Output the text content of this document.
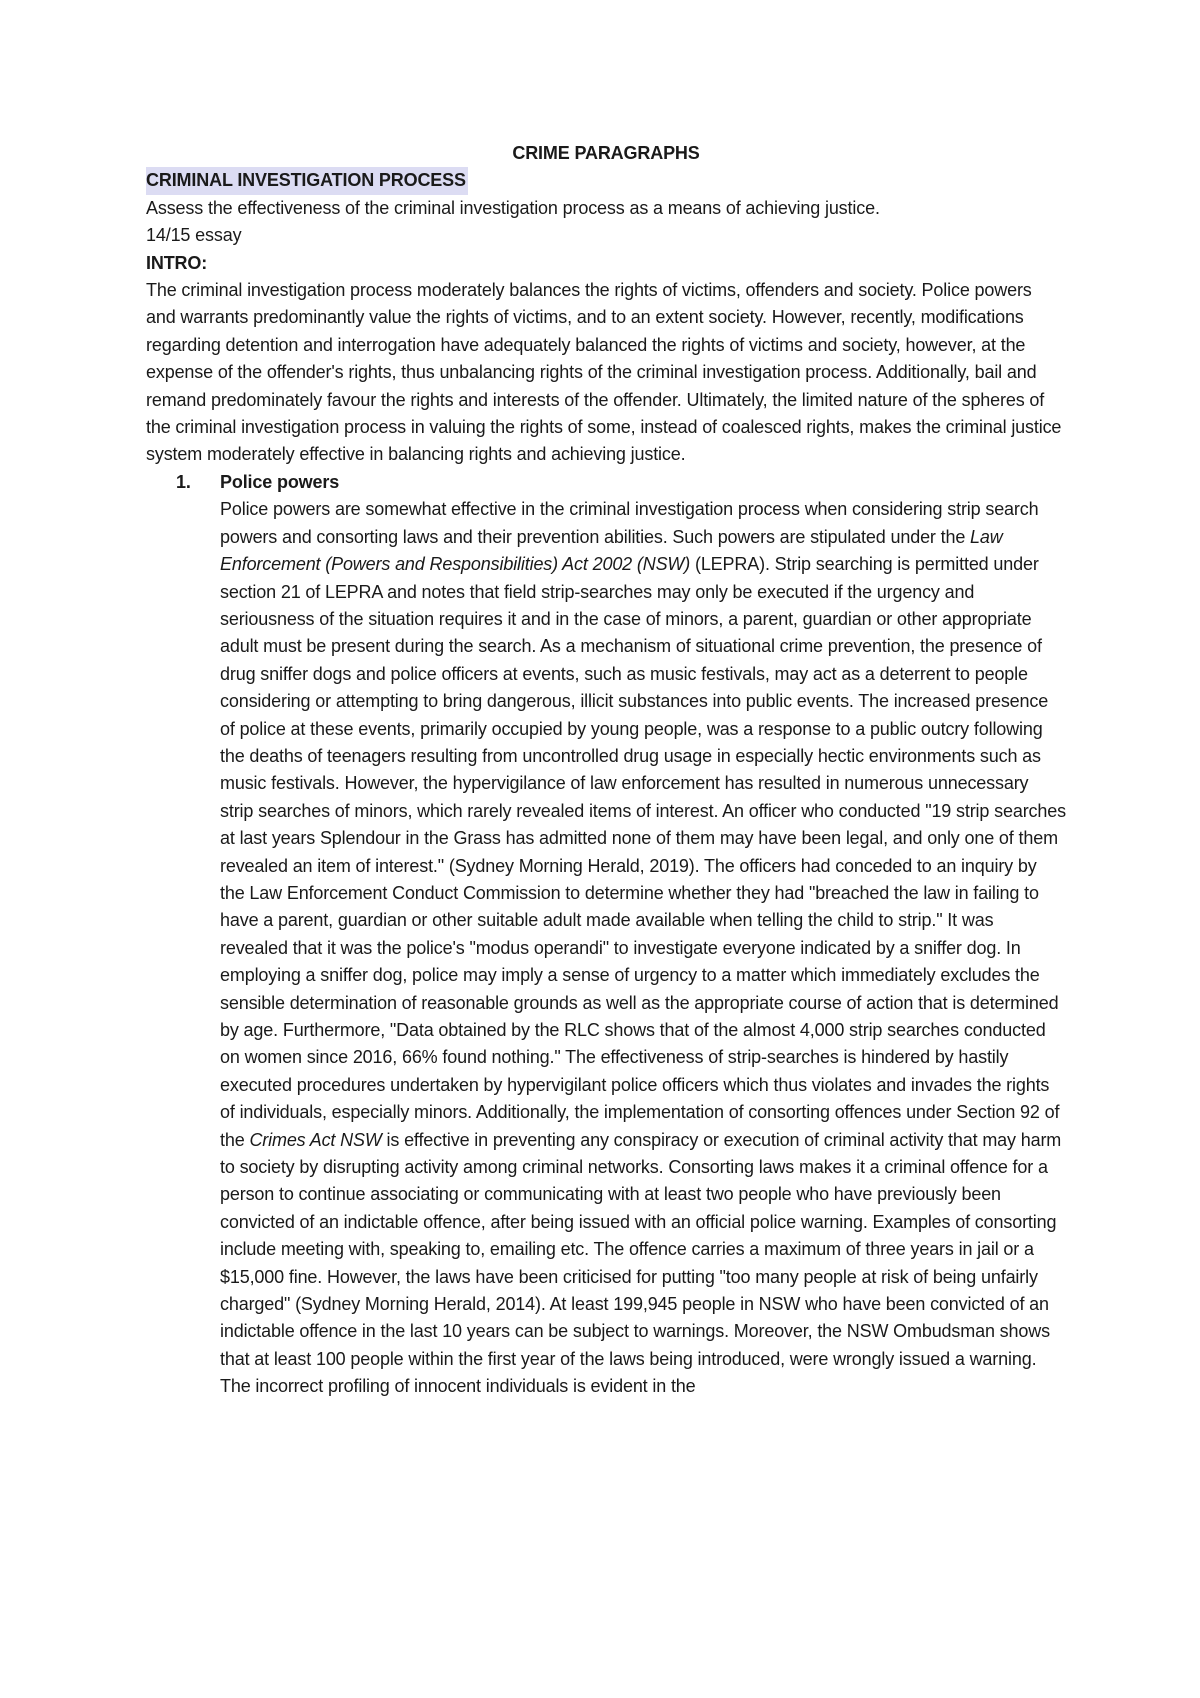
CRIME PARAGRAPHS

CRIMINAL INVESTIGATION PROCESS

Assess the effectiveness of the criminal investigation process as a means of achieving justice.

14/15 essay

INTRO:

The criminal investigation process moderately balances the rights of victims, offenders and society. Police powers and warrants predominantly value the rights of victims, and to an extent society. However, recently, modifications regarding detention and interrogation have adequately balanced the rights of victims and society, however, at the expense of the offender's rights, thus unbalancing rights of the criminal investigation process. Additionally, bail and remand predominately favour the rights and interests of the offender. Ultimately, the limited nature of the spheres of the criminal investigation process in valuing the rights of some, instead of coalesced rights, makes the criminal justice system moderately effective in balancing rights and achieving justice.

1. Police powers

Police powers are somewhat effective in the criminal investigation process when considering strip search powers and consorting laws and their prevention abilities. Such powers are stipulated under the Law Enforcement (Powers and Responsibilities) Act 2002 (NSW) (LEPRA). Strip searching is permitted under section 21 of LEPRA and notes that field strip-searches may only be executed if the urgency and seriousness of the situation requires it and in the case of minors, a parent, guardian or other appropriate adult must be present during the search. As a mechanism of situational crime prevention, the presence of drug sniffer dogs and police officers at events, such as music festivals, may act as a deterrent to people considering or attempting to bring dangerous, illicit substances into public events. The increased presence of police at these events, primarily occupied by young people, was a response to a public outcry following the deaths of teenagers resulting from uncontrolled drug usage in especially hectic environments such as music festivals. However, the hypervigilance of law enforcement has resulted in numerous unnecessary strip searches of minors, which rarely revealed items of interest. An officer who conducted "19 strip searches at last years Splendour in the Grass has admitted none of them may have been legal, and only one of them revealed an item of interest." (Sydney Morning Herald, 2019). The officers had conceded to an inquiry by the Law Enforcement Conduct Commission to determine whether they had "breached the law in failing to have a parent, guardian or other suitable adult made available when telling the child to strip." It was revealed that it was the police's "modus operandi" to investigate everyone indicated by a sniffer dog. In employing a sniffer dog, police may imply a sense of urgency to a matter which immediately excludes the sensible determination of reasonable grounds as well as the appropriate course of action that is determined by age. Furthermore, "Data obtained by the RLC shows that of the almost 4,000 strip searches conducted on women since 2016, 66% found nothing." The effectiveness of strip-searches is hindered by hastily executed procedures undertaken by hypervigilant police officers which thus violates and invades the rights of individuals, especially minors. Additionally, the implementation of consorting offences under Section 92 of the Crimes Act NSW is effective in preventing any conspiracy or execution of criminal activity that may harm to society by disrupting activity among criminal networks. Consorting laws makes it a criminal offence for a person to continue associating or communicating with at least two people who have previously been convicted of an indictable offence, after being issued with an official police warning. Examples of consorting include meeting with, speaking to, emailing etc. The offence carries a maximum of three years in jail or a $15,000 fine. However, the laws have been criticised for putting "too many people at risk of being unfairly charged" (Sydney Morning Herald, 2014). At least 199,945 people in NSW who have been convicted of an indictable offence in the last 10 years can be subject to warnings. Moreover, the NSW Ombudsman shows that at least 100 people within the first year of the laws being introduced, were wrongly issued a warning. The incorrect profiling of innocent individuals is evident in the
